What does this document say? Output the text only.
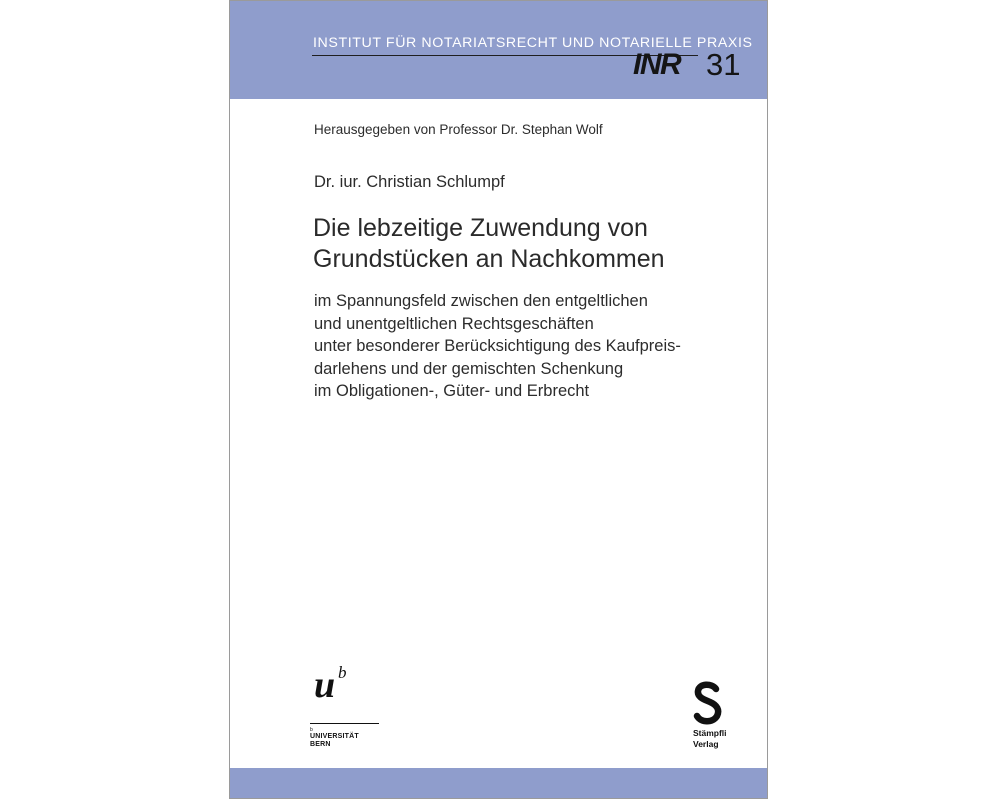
INSTITUT FÜR NOTARIATSRECHT UND NOTARIELLE PRAXIS
INR 31
Herausgegeben von Professor Dr. Stephan Wolf
Dr. iur. Christian Schlumpf
Die lebzeitige Zuwendung von
Grundstücken an Nachkommen
im Spannungsfeld zwischen den entgeltlichen
und unentgeltlichen Rechtsgeschäften
unter besonderer Berücksichtigung des Kaufpreis-
darlehens und der gemischten Schenkung
im Obligationen-, Güter- und Erbrecht
u b
b
UNIVERSITÄT
BERN
Stämpfli
Verlag
